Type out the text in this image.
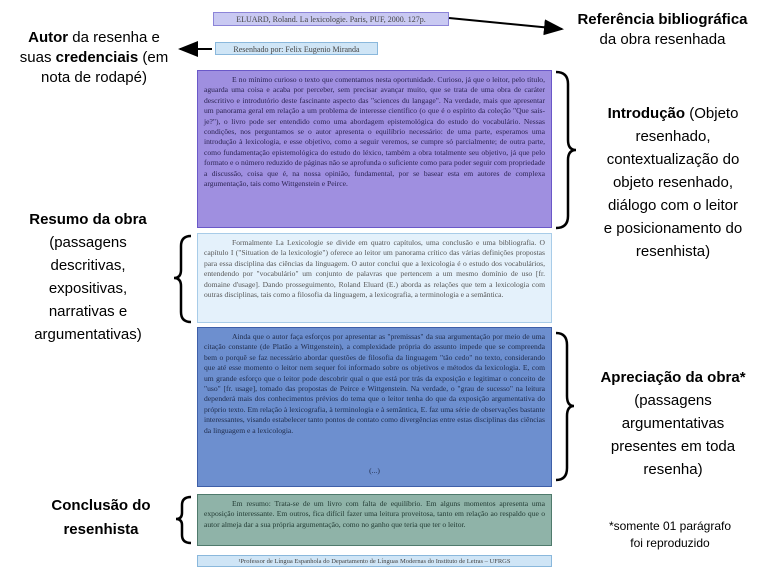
ELUARD, Roland. La lexicologie. Paris, PUF, 2000. 127p.
Resenhado por: Felix Eugenio Miranda
E no mínimo curioso o texto que comentamos nesta oportunidade. Curioso, já que o leitor, pelo título, aguarda uma coisa e acaba por perceber, sem precisar avançar muito, que se trata de uma obra de caráter descritivo e introdutório deste fascinante aspecto das "sciences du langage". Na verdade, mais que apresentar um panorama geral em relação a um problema de interesse científico (o que é o espírito da coleção "Que sais-je?"), o livro pode ser entendido como uma abordagem epistemológica do estudo do vocabulário. Nessas condições, nos perguntamos se o autor apresenta o equilíbrio necessário: de uma parte, esperamos uma introdução à lexicologia, e esse objetivo, como a seguir veremos, se cumpre só parcialmente; de outra parte, como fundamentação epistemológica do estudo do léxico, também a obra totalmente seu objetivo, já que pelo formato e o número reduzido de páginas não se aprofunda o suficiente como para poder seguir com propriedade a discussão, coisa que é, na nossa opinião, fundamental, por se basear esta em autores de complexa argumentação, tais como Wittgenstein e Peirce.
Formalmente La Lexicologie se divide em quatro capítulos, uma conclusão e uma bibliografia. O capítulo I ("Situation de la lexicologie") oferece ao leitor um panorama crítico das várias definições propostas para essa disciplina das ciências da linguagem. O autor conclui que a lexicologia é o estudo dos vocabulários, entendendo por "vocabulário" um conjunto de palavras que pertencem a um mesmo domínio de uso [fr. domaine d'usage]. Dando prosseguimento, Roland Eluard (E.) aborda as relações que tem a lexicologia com outras disciplinas, tais como a filosofia da linguagem, a lexicografia, a terminologia e a semântica.
Ainda que o autor faça esforços por apresentar as "premissas" da sua argumentação por meio de uma citação constante (de Platão a Wittgenstein), a complexidade própria do assunto impede que se compreenda bem o porquê se faz necessário abordar questões de filosofia da linguagem "tão cedo" no texto, considerando que até esse momento o leitor nem sequer foi informado sobre os objetivos e métodos da lexicologia. E, com um grande esforço que o leitor pode descobrir qual o que está por trás da exposição e legitimar o conceito de "uso" [fr. usage], tomado das propostas de Peirce e Wittgenstein. Na verdade, o "grau de sucesso" na leitura dependerá mais dos conhecimentos prévios do tema que o leitor tenha do que da exposição argumentativa do próprio texto. Em relação à lexicografia, à terminologia e à semântica, E. faz uma série de observações bastante interessantes, visando estabelecer tanto pontos de contato como divergências entre estas disciplinas das ciências da linguagem e a lexicologia.
(...)
Em resumo: Trata-se de um livro com falta de equilíbrio. Em alguns momentos apresenta uma exposição interessante. Em outros, fica difícil fazer uma leitura proveitosa, tanto em relação ao respaldo que o autor almeja dar a sua própria argumentação, como no ganho que teria que ter o leitor.
¹Professor de Língua Espanhola do Departamento de Línguas Modernas do Instituto de Letras – UFRGS
Referência bibliográfica
da obra resenhada
Autor da resenha e
suas credenciais (em
nota de rodapé)
Introdução (Objeto
resenhado,
contextualização do
objeto resenhado,
diálogo com o leitor
e posicionamento do
resenhista)
Resumo da obra
(passagens
descritivas,
expositivas,
narrativas e
argumentativas)
Apreciação da obra*
(passagens
argumentativas
presentes em toda
resenha)
Conclusão do
resenhista	*somente 01 parágrafo
foi reproduzido
